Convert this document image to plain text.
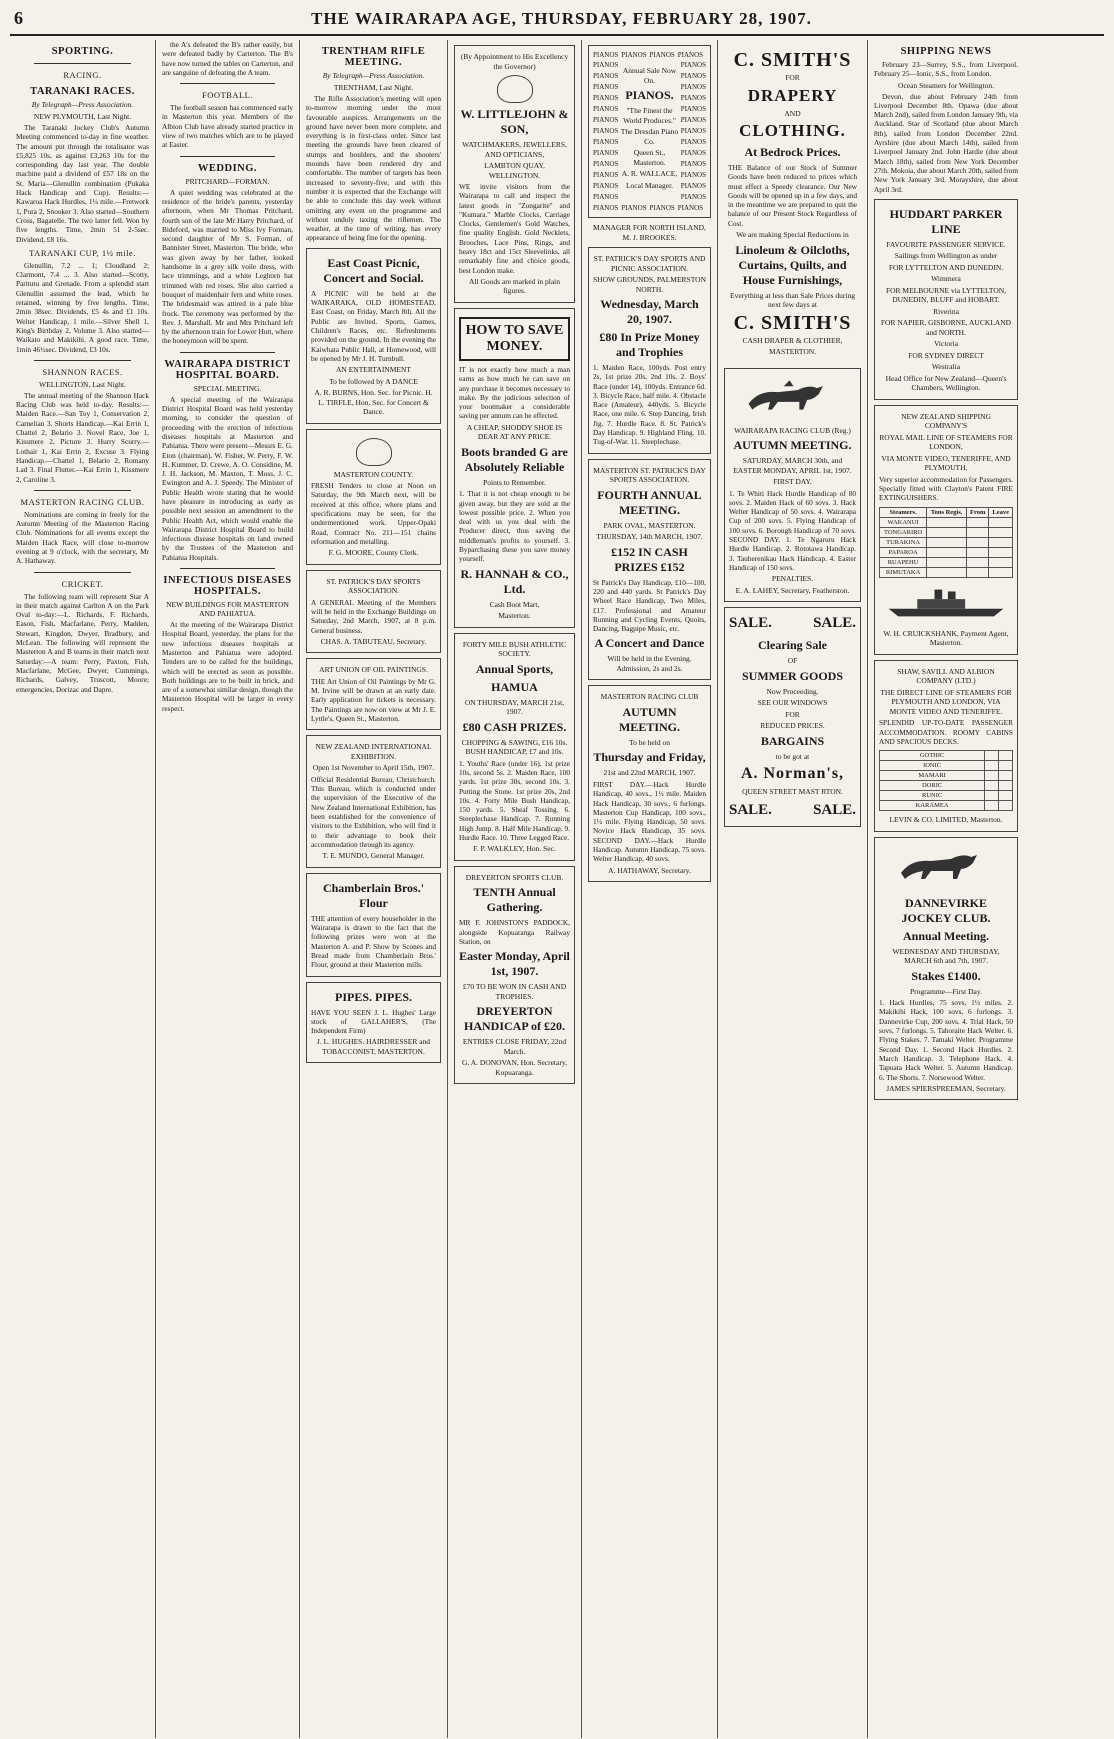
6	THE WAIRARAPA AGE, THURSDAY, FEBRUARY 28, 1907.
SPORTING.
RACING.
TARANAKI RACES.
By Telegraph—Press Association.
NEW PLYMOUTH, Last Night.

The Taranaki Jockey Club's Autumn Meeting commenced to-day in fine weather. The amount put through the totalisator was £5,825 10s, as against £3,263 10s for the corresponding day last year. The double machine paid a dividend of £57 18s on the St. Maria—Glenullin combination (Pukaka Hack Handicap and Cup). Results:—Kawaroa Hack Hurdles, 1¼ mile.—Fretwork 1, Pura 2, Snooker 3. Also started—Southern Cross, Bagatelle. The two latter fell. Won by five lengths. Time, 2min 51 2-5sec. Dividend, £8 16s.

TARANAKI CUP, 1½ mile.

Glenullin, 7.2 ... 1; Cloudland 2; Clarmont, 7.4 ... 3. Also started—Scotty, Paritutu and Grenade. From a splendid start Glenullin assumed the lead, which he retained, winning by five lengths. Time, 2min 38sec. Dividends, £5 4s and £1 10s. Welter Handicap, 1 mile.—Silver Shell 1, King's Birthday 2, Volume 3. Also started—Waikato and Makikihi. A good race. Time, 1min 46½sec. Dividend, £3 10s.

SHANNON RACES.
WELLINGTON, Last Night.

The annual meeting of the Shannon Hack Racing Club was held to-day. Results:—Maiden Race.—San Toy 1, Conservation 2, Carnelian 3. Shorts Handicap.—Kai Errin 1, Chattel 2, Belario 3. Novel Race, Joe 1, Kissmere 2, Picture 3. Hurry Scurry.—Lothair 1, Kai Errin 2, Excuse 3. Flying Handicap.—Chattel 1, Belario 2, Romany Lad 3. Final Flutter.—Kai Errin 1, Kissmere 2, Caroline 3.

MASTERTON RACING CLUB.

Nominations are coming in freely for the Autumn Meeting of the Masterton Racing Club. Nominations for all events except the Maiden Hack Race, will close to-morrow evening at 9 o'clock, with the secretary, Mr A. Hathaway.

CRICKET.

The following team will represent Star A in their match against Carlton A on the Park Oval to-day:—L. Richards, F. Richards, Eason, Fish, Macfarlane, Perry, Madden, Stewart, Kingdon, Dwyer, Bradbury, and McLean. The following will represent the Masterton A and B teams in their match next Saturday:—A team: Perry, Paxton, Fish, Macfarlane, McGee, Dwyer, Cummings, Richards, Galvey, Truscott, Moore; emergencies, Dorizac and Dapre.

the A's defeated the B's rather easily, but were defeated badly by Carterton. The B's have now turned the tables on Carterton, and are sanguine of defeating the A team.

FOOTBALL.

The football season has commenced early in Masterton this year. Members of the Albion Club have already started practice in view of two matches which are to be played at Easter.

WEDDING.
PRITCHARD—FORMAN.

A quiet wedding was celebrated at the residence of the bride's parents, yesterday afternoon, when Mr Thomas Pritchard, fourth son of the late Mr Harry Pritchard, of Bideford, was married to Miss Ivy Forman, second daughter of Mr S. Forman, of Bannister Street, Masterton. The bride, who was given away by her father, looked handsome in a grey silk voile dress, with lace trimmings, and a white Leghorn hat trimmed with red roses. She also carried a bouquet of maidenhair fern and white roses. The bridesmaid was attired in a pale blue frock. The ceremony was performed by the Rev. J. Marshall. Mr and Mrs Pritchard left by the afternoon train for Lower Hutt, where the honeymoon will be spent.

WAIRARAPA DISTRICT HOSPITAL BOARD.
SPECIAL MEETING.

A special meeting of the Wairarapa District Hospital Board was held yesterday morning, to consider the question of proceeding with the erection of infectious diseases hospitals at Masterton and Pahiatua. There were present—Messrs E. G. Eton (chairman), W. Fisher, W. Perry, F. W. H. Kummer, D. Crewe, A. O. Considine, M. J. H. Jackson, M. Maxton, T. Moss, J. C. Ewington and A. J. Speedy. The Minister of Public Health wrote stating that he would have pleasure in introducing as early as possible next session an amendment to the Public Health Act, which would enable the Wairarapa District Hospital Board to build infectious disease hospitals on land owned by the Trustees of the Masterton and Pahiatua Hospitals.

INFECTIOUS DISEASES HOSPITALS.
NEW BUILDINGS FOR MASTERTON AND PAHIATUA.

At the meeting of the Wairarapa District Hospital Board, yesterday, the plans for the new infectious diseases hospitals at Masterton and Pahiatua were adopted. Tenders are to be called for the buildings, which will be erected as soon as possible. Both buildings are to be built in brick, and are of a somewhat similar design, though the Masterton Hospital will be larger in every respect.

TRENTHAM RIFLE MEETING.
By Telegraph—Press Association.
TRENTHAM, Last Night.

The Rifle Association's meeting will open to-morrow morning under the most favourable auspices. Arrangements on the ground have never been more complete, and everything is in first-class order. Since last meeting the grounds have been cleared of stumps and boulders, and the shooters' mounds have been rendered dry and comfortable. The number of targets has been increased to seventy-five, and with this number it is expected that the Exchange will be able to conclude this day week without omitting any event on the programme and without unduly taxing the riflemen. The weather, at the time of writing, has every appearance of being fine for the opening.

East Coast Picnic, Concert and Social.

A PICNIC will be held at the WAIKARAKA, OLD HOMESTEAD, East Coast, on Friday, March 8th. All the Public are Invited. Sports, Games, Children's Races, etc. Refreshments provided on the ground. In the evening the Kaiwhata Public Hall, at Homewood, will be opened by Mr J. H. Turnbull.

AN ENTERTAINMENT
To be followed by A DANCE
A. R. BURNS, Hon. Sec. for Picnic. H. L. TIRFLE, Hon. Sec. for Concert & Dance.
MASTERTON COUNTY.

FRESH Tenders to close at Noon on Saturday, the 9th March next, will be received at this office, where plans and specifications may be seen, for the undermentioned work. Upper-Opaki Road, Contract No. 211—151 chains reformation and metalling.

F. G. MOORE, County Clerk.
ST. PATRICK'S DAY SPORTS ASSOCIATION.

A GENERAL Meeting of the Members will be held in the Exchange Buildings on Saturday, 2nd March, 1907, at 8 p.m. General business.

CHAS. A. TABUTEAU, Secretary.
ART UNION OF OIL PAINTINGS.

THE Art Union of Oil Paintings by Mr G. M. Irvine will be drawn at an early date. Early application for tickets is necessary. The Paintings are now on view at Mr J. E. Lyttle's, Queen St., Masterton.

NEW ZEALAND INTERNATIONAL EXHIBITION.
Open 1st November to April 15th, 1907.

Official Residential Bureau, Christchurch. This Bureau, which is conducted under the supervision of the Executive of the New Zealand International Exhibition, has been established for the convenience of visitors to the Exhibition, who will find it to their advantage to book their accommodation through its agency.

T. E. MUNDO, General Manager.
Chamberlain Bros.' Flour

THE attention of every householder in the Wairarapa is drawn to the fact that the following prizes were won at the Masterton A. and P. Show by Scones and Bread made from Chamberlain Bros.' Flour, ground at their Masterton mills.

PIPES. PIPES.

HAVE YOU SEEN J. L. Hughes' Large stock of GALLAHER'S, (The Independent Firm)

J. L. HUGHES. HAIRDRESSER and TOBACCONIST, MASTERTON.
(By Appointment to His Excellency the Governor)
W. LITTLEJOHN & SON,
WATCHMAKERS, JEWELLERS, AND OPTICIANS,
LAMBTON QUAY, WELLINGTON.

WE invite visitors from the Wairarapa to call and inspect the latest goods in "Zongarite" and "Kumara." Marble Clocks, Carriage Clocks, Gentlemen's Gold Watches, fine quality English. Gold Necklets, Brooches, Lace Pins, Rings, and heavy 18ct and 15ct Sleevelinks, all remarkably fine and choice goods, best London make.

All Goods are marked in plain figures.
HOW TO SAVE MONEY.

IT is not exactly how much a man earns as how much he can save on any purchase it becomes necessary to make. By the judicious selection of your bootmaker a considerable saving per annum can be effected.

A CHEAP, SHODDY SHOE IS DEAR AT ANY PRICE.
Boots branded G are Absolutely Reliable
Points to Remember.

1. That it is not cheap enough to be given away, but they are sold at the lowest possible price. 2. When you deal with us you deal with the Producer direct, thus saving the middleman's profits to yourself. 3. Byparchasing these you save money yourself.

R. HANNAH & CO., Ltd.
Cash Boot Mart,
Masterton.
FORTY MILE BUSH ATHLETIC SOCIETY.
Annual Sports,
HAMUA
ON THURSDAY, MARCH 21st, 1907.
£80 CASH PRIZES.
CHOPPING & SAWING, £16 10s. BUSH HANDICAP, £7 and 10s.

1. Youths' Race (under 16). 1st prize 10s, second 5s. 2. Maiden Race, 100 yards. 1st prize 30s, second 10s. 3. Putting the Stone. 1st prize 20s, 2nd 10s. 4. Forty Mile Bush Handicap, 150 yards. 5. Sheaf Tossing. 6. Steeplechase Handicap. 7. Running High Jump. 8. Half Mile Handicap. 9. Hurdle Race. 10. Three Legged Race.

F. P. WALKLEY, Hon. Sec.
DREYERTON SPORTS CLUB.
TENTH Annual Gathering.

MR F. JOHNSTON'S PADDOCK, alongside Kopuaranga Railway Station, on

Easter Monday, April 1st, 1907.
£70 TO BE WON IN CASH AND TROPHIES.
DREYERTON HANDICAP of £20.
ENTRIES CLOSE FRIDAY, 22nd March.
G. A. DONOVAN, Hon. Secretary, Kopuaranga.
PIANOS PIANOS PIANOS PIANOS
PIANOS
PIANOS
PIANOS
PIANOS
PIANOS
PIANOS
PIANOS
PIANOS
PIANOS
PIANOS
PIANOS
PIANOS
PIANOS
Annual Sale Now On.
PIANOS.
"The Finest the World Produces."
The Dresdan Piano Co.
Queen St., Masterton.
A. R. WALLACE,
Local Manager.
PIANOS
PIANOS
PIANOS
PIANOS
PIANOS
PIANOS
PIANOS
PIANOS
PIANOS
PIANOS
PIANOS
PIANOS
PIANOS
PIANOS PIANOS PIANOS PIANOS
MANAGER FOR NORTH ISLAND, M. J. BROOKES.
ST. PATRICK'S DAY SPORTS AND PICNIC ASSOCIATION.
SHOW GROUNDS, PALMERSTON NORTH.
Wednesday, March 20, 1907.
£80 In Prize Money and Trophies

1. Maiden Race, 100yds. Post entry 2s, 1st prize 20s, 2nd 10s. 2. Boys' Race (under 14), 100yds. Entrance 6d. 3. Bicycle Race, half mile. 4. Obstacle Race (Amateur), 440yds. 5. Bicycle Race, one mile. 6. Step Dancing, Irish Jig. 7. Hurdle Race. 8. St. Patrick's Day Handicap. 9. Highland Fling. 10. Tug-of-War. 11. Steeplechase.

MASTERTON ST. PATRICK'S DAY SPORTS ASSOCIATION.
FOURTH ANNUAL MEETING.
PARK OVAL, MASTERTON.
THURSDAY, 14th MARCH, 1907.
£152 IN CASH PRIZES £152

St Patrick's Day Handicap, £10—100, 220 and 440 yards. St Patrick's Day Wheel Race Handicap, Two Miles, £17. Professional and Amateur Running and Cycling Events, Quoits, Dancing, Bagpipe Music, etc.

A Concert and Dance
Will be held in the Evening. Admission, 2s and 2s.
MASTERTON RACING CLUB
AUTUMN MEETING.
To be held on
Thursday and Friday,
21st and 22nd MARCH, 1907.

FIRST DAY.—Hack Hurdle Handicap, 40 sovs., 1½ mile. Maiden Hack Handicap, 30 sovs., 6 furlongs. Masterton Cup Handicap, 100 sovs., 1½ mile. Flying Handicap, 50 sovs. Novice Hack Handicap, 35 sovs. SECOND DAY.—Hack Hurdle Handicap. Autumn Handicap, 75 sovs. Welter Handicap, 40 sovs.

A. HATHAWAY, Secretary.
C. SMITH'S
FOR
DRAPERY
AND
CLOTHING.
At Bedrock Prices.

THE Balance of our Stock of Summer Goods have been reduced to prices which must effect a Speedy clearance. Our New Goods will be opened up in a few days, and in the meantime we are prepared to quit the balance of our Present Stock Regardless of Cost.

We are making Special Reductions in
Linoleum & Oilcloths, Curtains, Quilts, and House Furnishings,
Everything at less than Sale Prices during next few days at
C. SMITH'S
CASH DRAPER & CLOTHIER,
MASTERTON.
WAIRARAPA RACING CLUB (Reg.)
AUTUMN MEETING.
SATURDAY, MARCH 30th, and EASTER MONDAY, APRIL 1st, 1907.
FIRST DAY.

1. Te Whiti Hack Hurdle Handicap of 80 sovs. 2. Maiden Hack of 60 sovs. 3. Hack Welter Handicap of 50 sovs. 4. Wairarapa Cup of 200 sovs. 5. Flying Handicap of 100 sovs. 6. Borough Handicap of 70 sovs. SECOND DAY. 1. Te Ngaruru Hack Hurdle Handicap. 2. Rototawa Handicap. 3. Tauherenikau Hack Handicap. 4. Easter Handicap of 150 sovs.

PENALTIES.
E. A. LAHEY, Secretary, Featherston.
SALE.	SALE.
Clearing Sale
OF
SUMMER GOODS
Now Proceeding.
SEE OUR WINDOWS
FOR
REDUCED PRICES.
BARGAINS
to be got at
A. Norman's,
QUEEN STREET MAST RTON.
SALE.	SALE.
SHIPPING NEWS

February 23—Surrey, S.S., from Liverpool. February 25—Ionic, S.S., from London.

Ocean Steamers for Wellington.

Devon, due about February 24th from Liverpool December 8th. Opawa (due about March 2nd), sailed from London January 9th, via Auckland. Star of Scotland (due about March 8th), sailed from London December 22nd. Ayrshire (due about March 14th), sailed from Liverpool January 2nd. John Hardie (due about March 18th), sailed from New York December 27th. Mokoia, due about March 20th, sailed from New York January 3rd. Morayshire, due about April 3rd.

HUDDART PARKER LINE
FAVOURITE PASSENGER SERVICE.
Sailings from Wellington as under
FOR LYTTELTON AND DUNEDIN.
Wimmera
FOR MELBOURNE via LYTTELTON, DUNEDIN, BLUFF and HOBART.
Riverina
FOR NAPIER, GISBORNE, AUCKLAND and NORTH.
Victoria
FOR SYDNEY DIRECT
Westralia
Head Office for New Zealand—Queen's Chambers, Wellington.
NEW ZEALAND SHIPPING COMPANY'S
ROYAL MAIL LINE OF STEAMERS FOR LONDON,
VIA MONTE VIDEO, TENERIFFE, AND PLYMOUTH.

Very superior accommodation for Passengers. Specially fitted with Clayton's Patent FIRE EXTINGUISHERS.

Steamers.	Tons Regis.	From	Leave
WAKANUI			
TONGARIRO			
TURAKINA			
PAPAROA			
RUAPEHU			
RIMUTAKA			
W. H. CRUICKSHANK, Payment Agent, Masterton.
SHAW, SAVILL AND ALBION COMPANY (LTD.)
THE DIRECT LINE OF STEAMERS FOR PLYMOUTH AND LONDON, VIA MONTE VIDEO AND TENERIFFE.

SPLENDID UP-TO-DATE PASSENGER ACCOMMODATION. ROOMY CABINS AND SPACIOUS DECKS.

GOTHIC		
IONIC		
MAMARI		
DORIC		
RUNIC		
KARAMEA		
LEVIN & CO. LIMITED, Masterton.
DANNEVIRKE JOCKEY CLUB.
Annual Meeting.
WEDNESDAY AND THURSDAY, MARCH 6th and 7th, 1907.
Stakes £1400.
Programme—First Day.

1. Hack Hurdles, 75 sovs, 1½ miles. 2. Makikihi Hack, 100 sovs, 6 furlongs. 3. Dannevirke Cup, 200 sovs. 4. Trial Hack, 50 sovs, 7 furlongs. 5. Tahoraite Hack Welter. 6. Flying Stakes. 7. Tamaki Welter. Programme Second Day. 1. Second Hack Hurdles. 2. March Handicap. 3. Telephone Hack. 4. Tapuata Hack Welter. 5. Autumn Handicap. 6. The Shorts. 7. Norsewood Welter.

JAMES SPIERSPREEMAN, Secretary.
